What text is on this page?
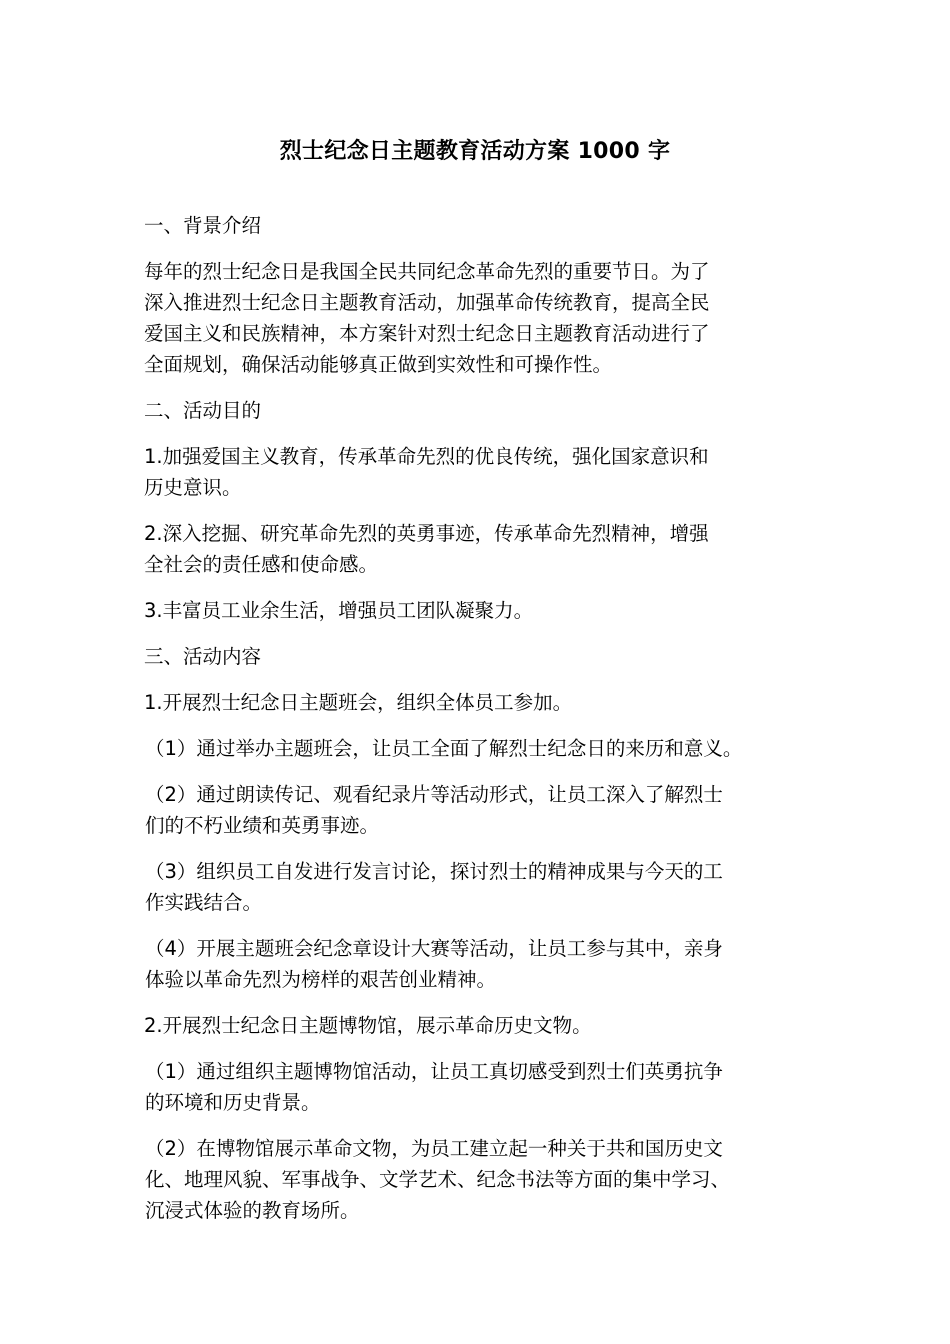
烈士纪念日主题教育活动方案 1000 字

一、背景介绍

每年的烈士纪念日是我国全民共同纪念革命先烈的重要节日。为了
深入推进烈士纪念日主题教育活动，加强革命传统教育，提高全民
爱国主义和民族精神，本方案针对烈士纪念日主题教育活动进行了
全面规划，确保活动能够真正做到实效性和可操作性。

二、活动目的

1.加强爱国主义教育，传承革命先烈的优良传统，强化国家意识和
历史意识。

2.深入挖掘、研究革命先烈的英勇事迹，传承革命先烈精神，增强
全社会的责任感和使命感。

3.丰富员工业余生活，增强员工团队凝聚力。

三、活动内容

1.开展烈士纪念日主题班会，组织全体员工参加。

（1）通过举办主题班会，让员工全面了解烈士纪念日的来历和意义。

（2）通过朗读传记、观看纪录片等活动形式，让员工深入了解烈士
们的不朽业绩和英勇事迹。

（3）组织员工自发进行发言讨论，探讨烈士的精神成果与今天的工
作实践结合。

（4）开展主题班会纪念章设计大赛等活动，让员工参与其中，亲身
体验以革命先烈为榜样的艰苦创业精神。

2.开展烈士纪念日主题博物馆，展示革命历史文物。

（1）通过组织主题博物馆活动，让员工真切感受到烈士们英勇抗争
的环境和历史背景。

（2）在博物馆展示革命文物，为员工建立起一种关于共和国历史文
化、地理风貌、军事战争、文学艺术、纪念书法等方面的集中学习、
沉浸式体验的教育场所。
